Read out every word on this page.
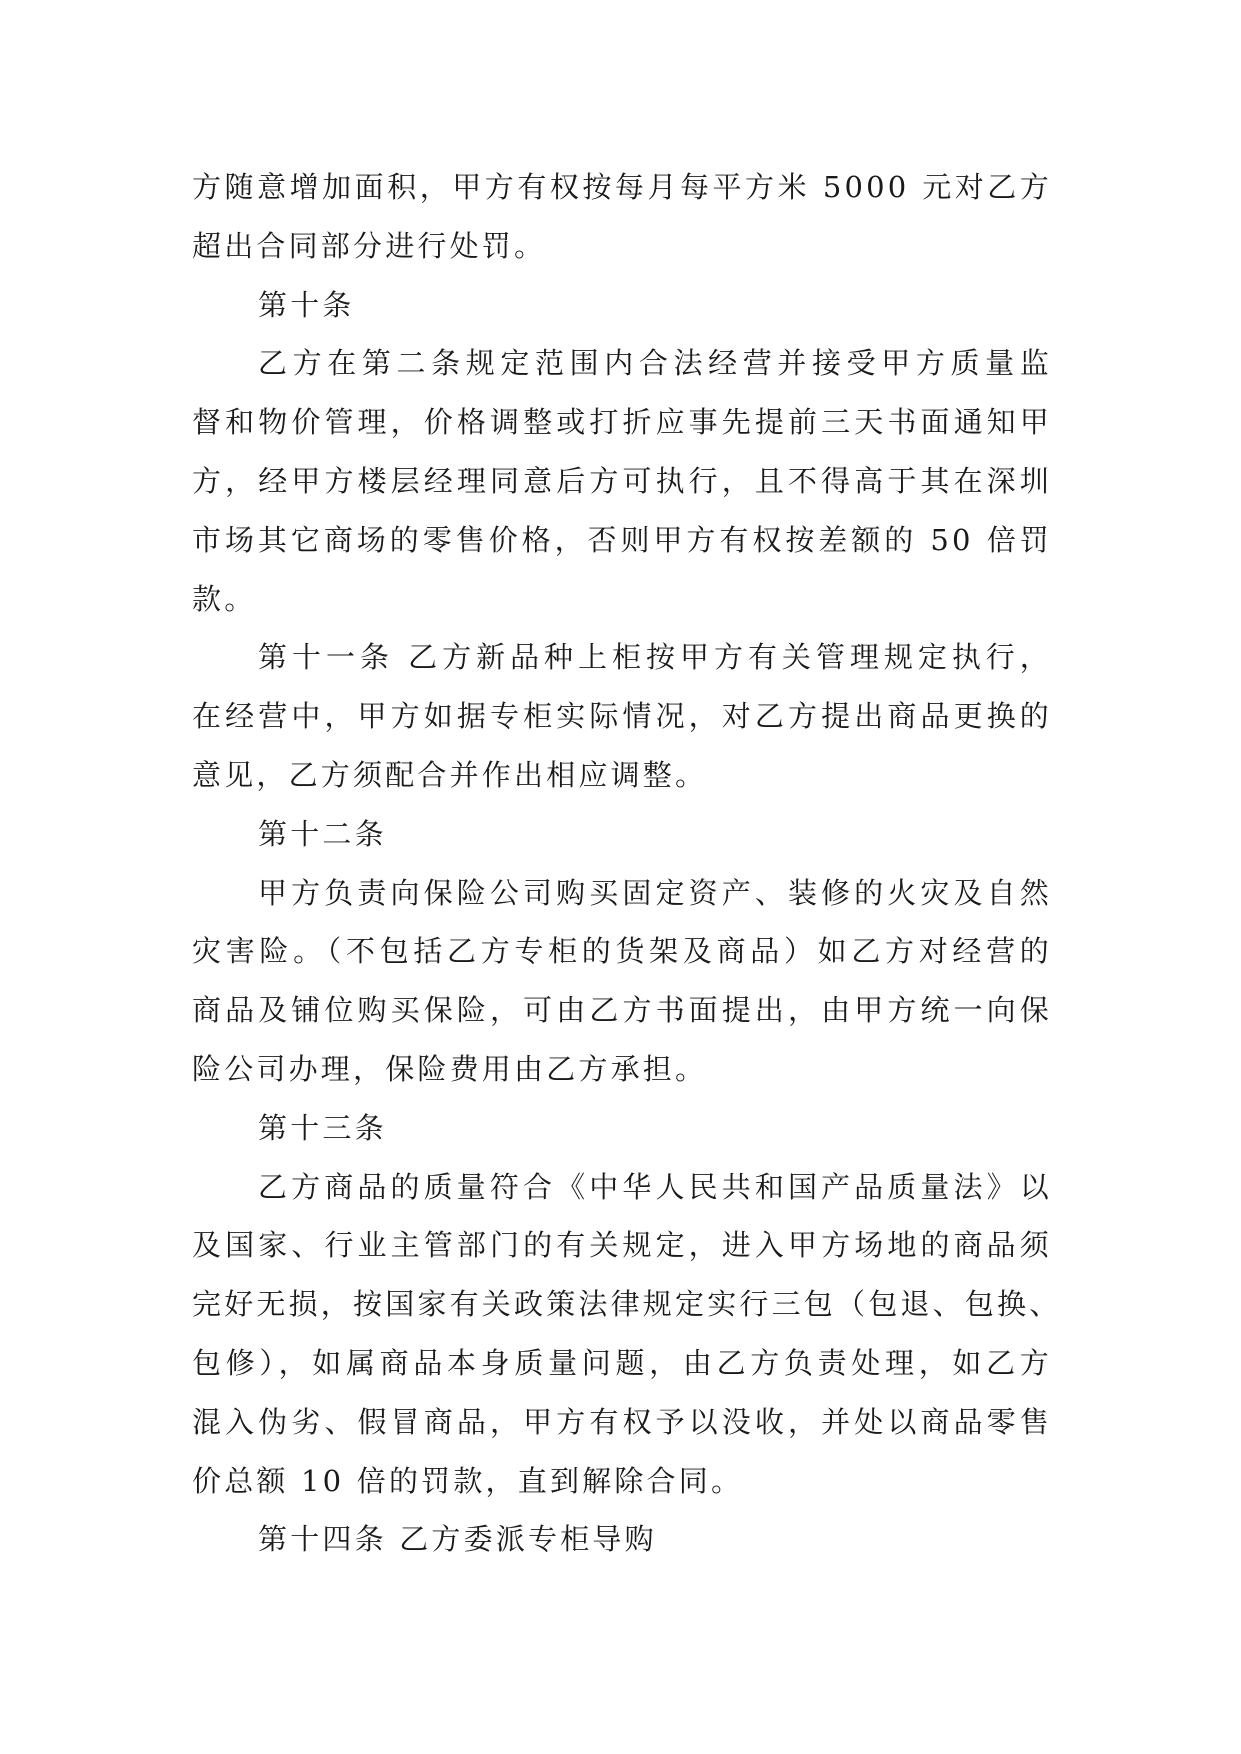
方随意增加面积，甲方有权按每月每平方米 5000 元对乙方
超出合同部分进行处罚。
第十条
乙方在第二条规定范围内合法经营并接受甲方质量监
督和物价管理，价格调整或打折应事先提前三天书面通知甲
方，经甲方楼层经理同意后方可执行，且不得高于其在深圳
市场其它商场的零售价格，否则甲方有权按差额的 50 倍罚
款。
第十一条 乙方新品种上柜按甲方有关管理规定执行，
在经营中，甲方如据专柜实际情况，对乙方提出商品更换的
意见，乙方须配合并作出相应调整。
第十二条
甲方负责向保险公司购买固定资产、装修的火灾及自然
灾害险。（不包括乙方专柜的货架及商品）如乙方对经营的
商品及铺位购买保险，可由乙方书面提出，由甲方统一向保
险公司办理，保险费用由乙方承担。
第十三条
乙方商品的质量符合《中华人民共和国产品质量法》以
及国家、行业主管部门的有关规定，进入甲方场地的商品须
完好无损，按国家有关政策法律规定实行三包（包退、包换、
包修），如属商品本身质量问题，由乙方负责处理，如乙方
混入伪劣、假冒商品，甲方有权予以没收，并处以商品零售
价总额 10 倍的罚款，直到解除合同。
第十四条 乙方委派专柜导购
